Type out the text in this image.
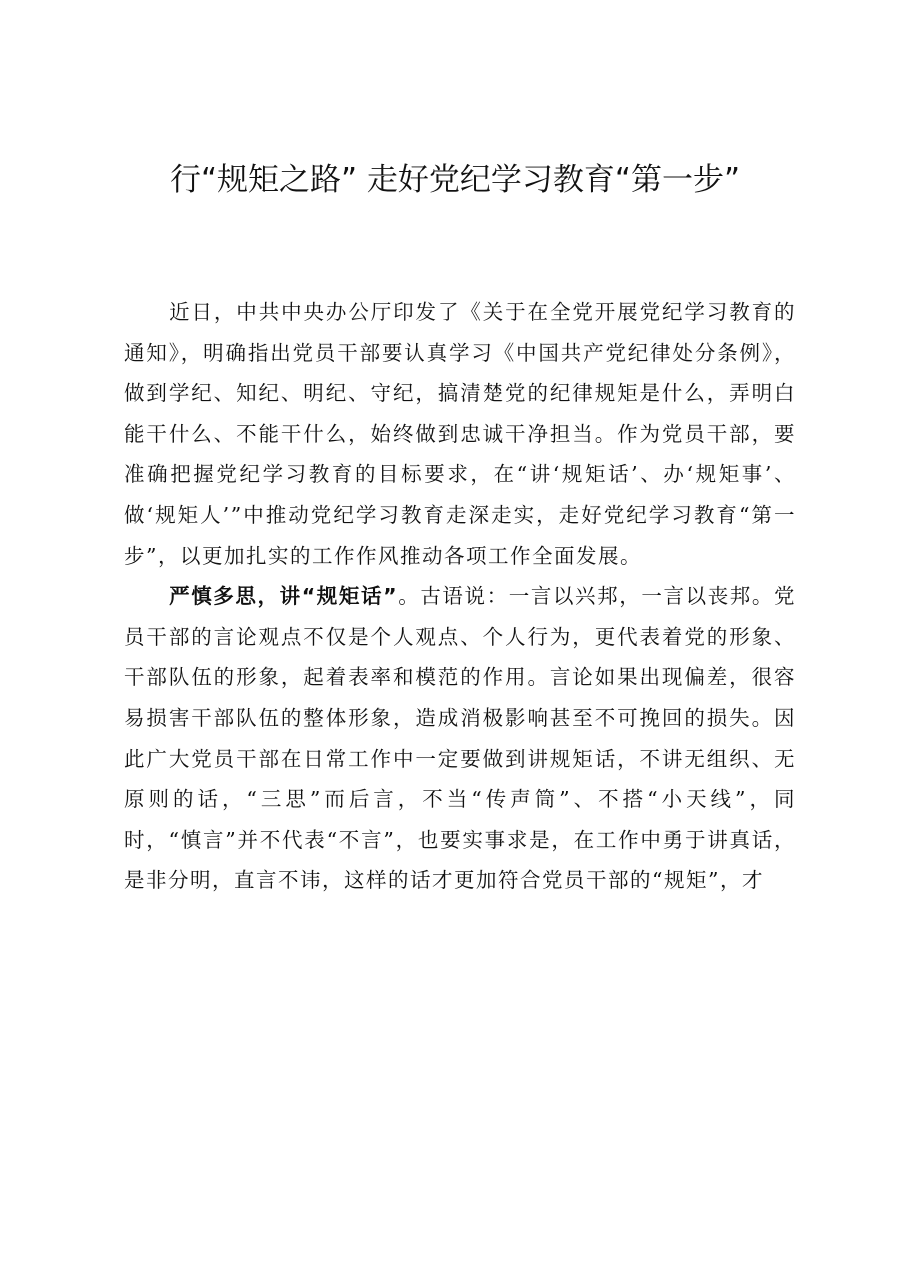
行“规矩之路” 走好党纪学习教育“第一步”

近日，中共中央办公厅印发了《关于在全党开展党纪学习教育的通知》，明确指出党员干部要认真学习《中国共产党纪律处分条例》，做到学纪、知纪、明纪、守纪，搞清楚党的纪律规矩是什么，弄明白能干什么、不能干什么，始终做到忠诚干净担当。作为党员干部，要准确把握党纪学习教育的目标要求，在“讲‘规矩话’、办‘规矩事’、做‘规矩人’”中推动党纪学习教育走深走实，走好党纪学习教育“第一步”，以更加扎实的工作作风推动各项工作全面发展。

严慎多思，讲“规矩话”。古语说：一言以兴邦，一言以丧邦。党员干部的言论观点不仅是个人观点、个人行为，更代表着党的形象、干部队伍的形象，起着表率和模范的作用。言论如果出现偏差，很容易损害干部队伍的整体形象，造成消极影响甚至不可挽回的损失。因此广大党员干部在日常工作中一定要做到讲规矩话，不讲无组织、无原则的话，“三思”而后言，不当“传声筒”、不搭“小天线”，同时，“慎言”并不代表“不言”，也要实事求是，在工作中勇于讲真话，是非分明，直言不讳，这样的话才更加符合党员干部的“规矩”，才
